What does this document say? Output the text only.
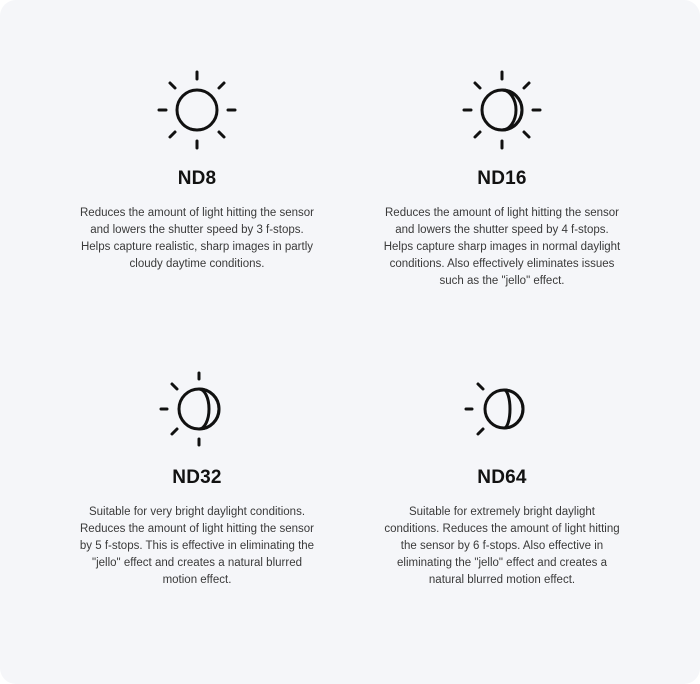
ND8
Reduces the amount of light hitting the sensor and lowers the shutter speed by 3 f-stops. Helps capture realistic, sharp images in partly cloudy daytime conditions.
ND16
Reduces the amount of light hitting the sensor and lowers the shutter speed by 4 f-stops. Helps capture sharp images in normal daylight conditions. Also effectively eliminates issues such as the "jello" effect.
ND32
Suitable for very bright daylight conditions. Reduces the amount of light hitting the sensor by 5 f-stops. This is effective in eliminating the "jello" effect and creates a natural blurred motion effect.
ND64
Suitable for extremely bright daylight conditions. Reduces the amount of light hitting the sensor by 6 f-stops. Also effective in eliminating the "jello" effect and creates a natural blurred motion effect.
